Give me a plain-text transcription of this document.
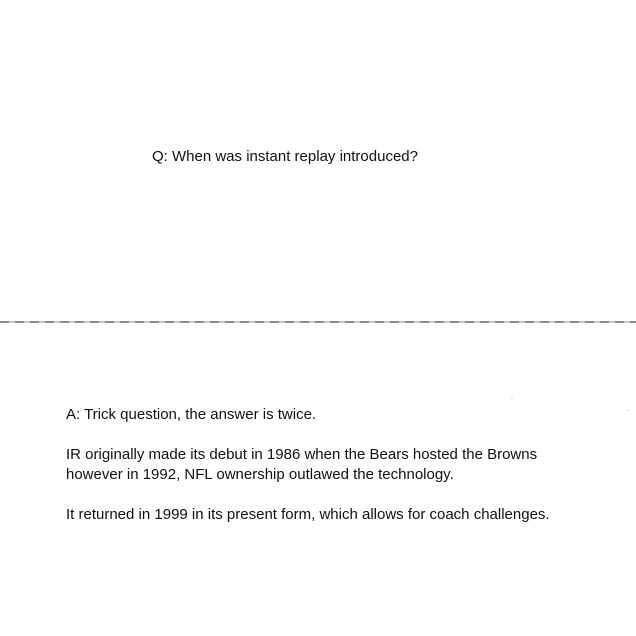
Q: When was instant replay introduced?

A: Trick question, the answer is twice.

IR originally made its debut in 1986 when the Bears hosted the Browns
however in 1992, NFL ownership outlawed the technology.

It returned in 1999 in its present form, which allows for coach challenges.
